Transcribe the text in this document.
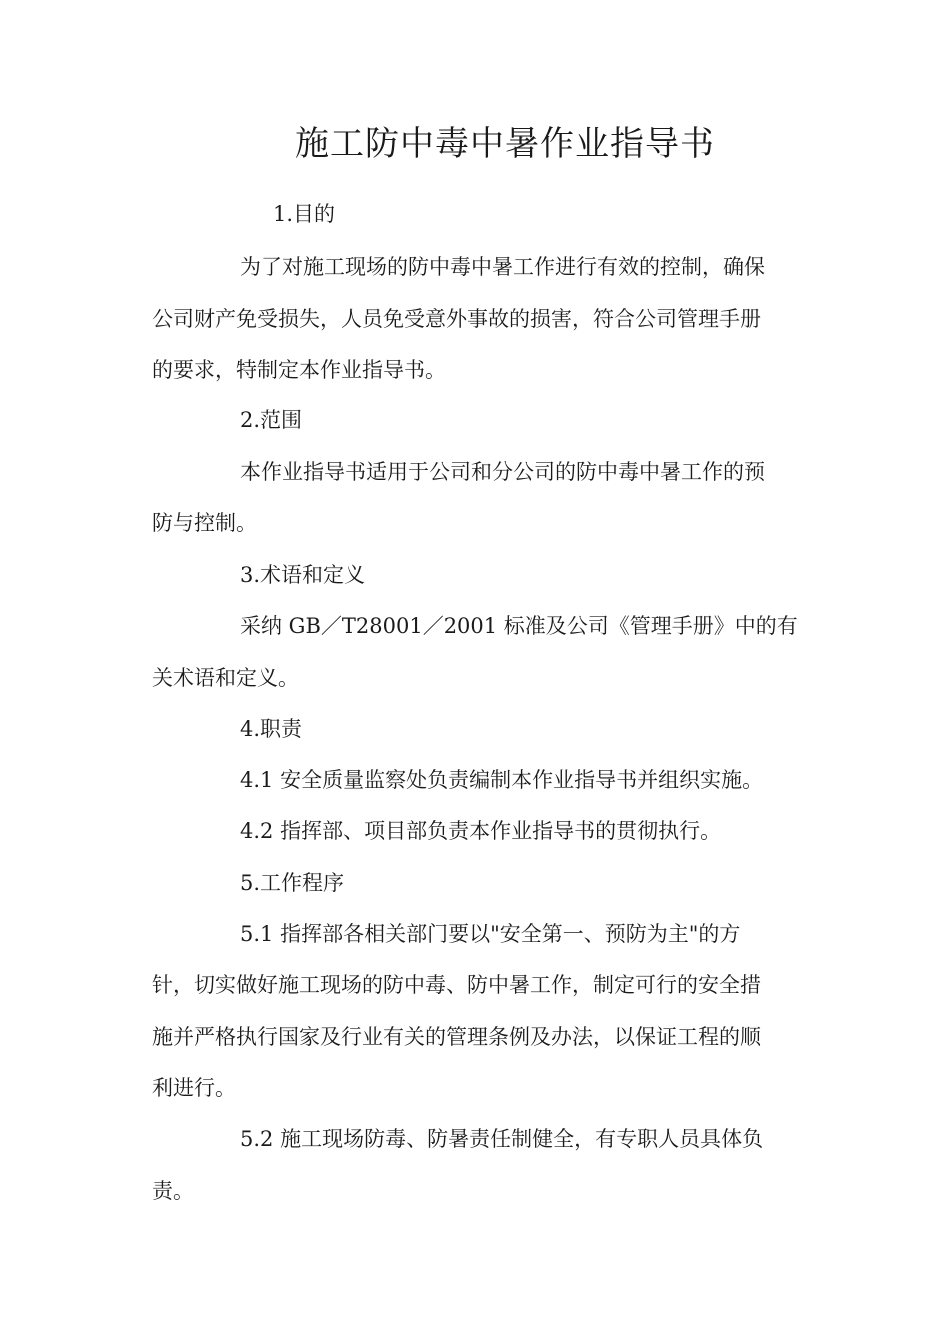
施工防中毒中暑作业指导书
1.目的
为了对施工现场的防中毒中暑工作进行有效的控制，确保
公司财产免受损失，人员免受意外事故的损害，符合公司管理手册
的要求，特制定本作业指导书。
2.范围
本作业指导书适用于公司和分公司的防中毒中暑工作的预
防与控制。
3.术语和定义
采纳 GB／T28001／2001 标准及公司《管理手册》中的有
关术语和定义。
4.职责
4.1 安全质量监察处负责编制本作业指导书并组织实施。
4.2 指挥部、项目部负责本作业指导书的贯彻执行。
5.工作程序
5.1 指挥部各相关部门要以"安全第一、预防为主"的方
针，切实做好施工现场的防中毒、防中暑工作，制定可行的安全措
施并严格执行国家及行业有关的管理条例及办法，以保证工程的顺
利进行。
5.2 施工现场防毒、防暑责任制健全，有专职人员具体负
责。
